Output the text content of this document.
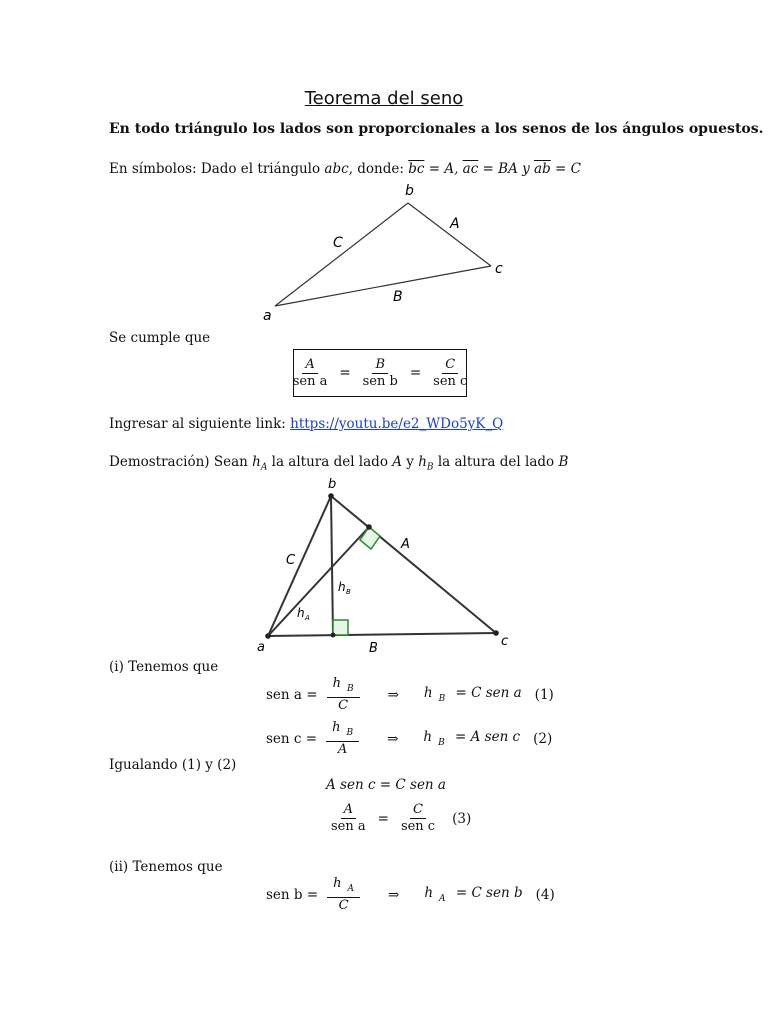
Teorema del seno
En todo triángulo los lados son proporcionales a los senos de los ángulos opuestos.
En símbolos: Dado el triángulo abc, donde: $\overline{bc} = A$, $\overline{ac}$ = BA y $\overline{ab} = C$
b
a
c
A
B
C
Se cumple que
$\frac{A}{\text{sen a}} = \frac{B}{\text{sen b}} = \frac{C}{\text{sen c}}$
Ingresar al siguiente link: https://youtu.be/e2_WDo5yK_Q
Demostración) Sean $h_A$ la altura del lado A y $h_B$ la altura del lado B
b
a	c
A
B
C
h A
h B
(i) Tenemos que
sen $a = \frac{h _B}{C}$ ⇒ h $_B$ = C sen a (1)
sen $c = \frac{h _B}{A}$ ⇒ h $_B$ = A sen c (2)
Igualando (1) y (2)
A sen c = C sen a
$\frac{A}{\text{sen a}} = \frac{C}{\text{sen c}} (3)$
(ii) Tenemos que
sen $b = \frac{h _A}{C}$ ⇒ h $_A$ = C sen b (4)
